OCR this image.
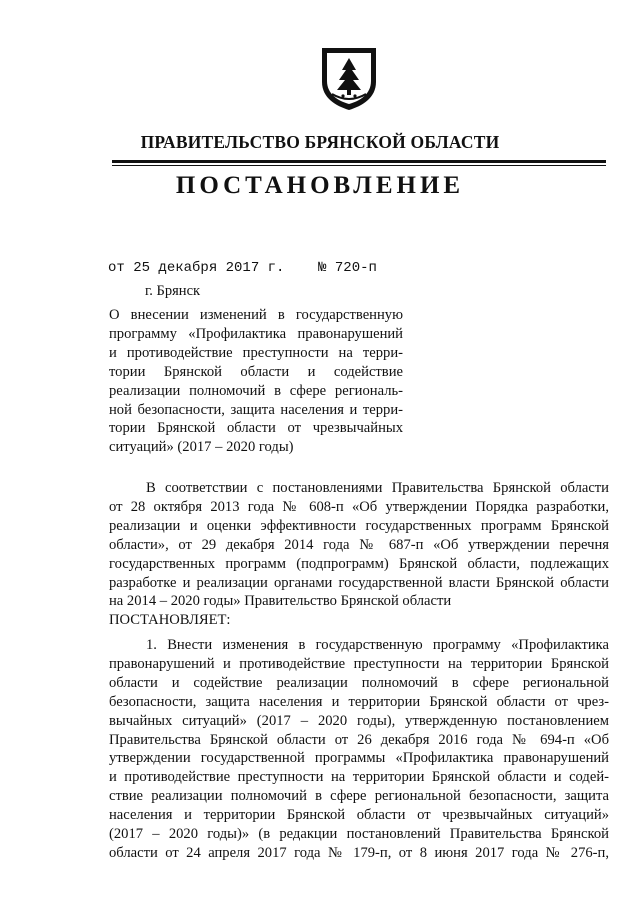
ПРАВИТЕЛЬСТВО БРЯНСКОЙ ОБЛАСТИ
ПОСТАНОВЛЕНИЕ
от 25 декабря 2017 г. № 720-п
г. Брянск
О внесении изменений в государственную
программу «Профилактика правонарушений
и противодействие преступности на терри-
тории Брянской области и содействие
реализации полномочий в сфере региональ-
ной безопасности, защита населения и терри-
тории Брянской области от чрезвычайных
ситуаций» (2017 – 2020 годы)
В соответствии с постановлениями Правительства Брянской области
от 28 октября 2013 года № 608-п «Об утверждении Порядка разработки,
реализации и оценки эффективности государственных программ Брянской
области», от 29 декабря 2014 года № 687-п «Об утверждении перечня
государственных программ (подпрограмм) Брянской области, подлежащих
разработке и реализации органами государственной власти Брянской области
на 2014 – 2020 годы» Правительство Брянской области
ПОСТАНОВЛЯЕТ:
1. Внести изменения в государственную программу «Профилактика
правонарушений и противодействие преступности на территории Брянской
области и содействие реализации полномочий в сфере региональной
безопасности, защита населения и территории Брянской области от чрез-
вычайных ситуаций» (2017 – 2020 годы), утвержденную постановлением
Правительства Брянской области от 26 декабря 2016 года № 694-п «Об
утверждении государственной программы «Профилактика правонарушений
и противодействие преступности на территории Брянской области и содей-
ствие реализации полномочий в сфере региональной безопасности, защита
населения и территории Брянской области от чрезвычайных ситуаций»
(2017 – 2020 годы)» (в редакции постановлений Правительства Брянской
области от 24 апреля 2017 года № 179-п, от 8 июня 2017 года № 276-п,
